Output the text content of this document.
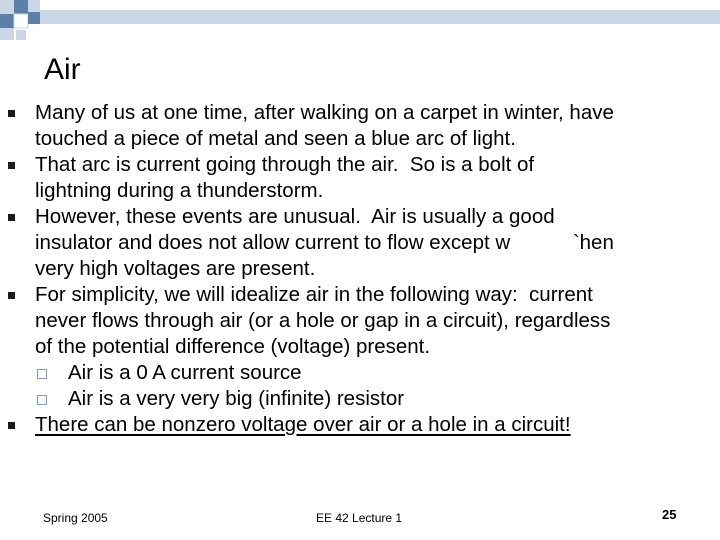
Air
Many of us at one time, after walking on a carpet in winter, have
touched a piece of metal and seen a blue arc of light.
That arc is current going through the air.  So is a bolt of
lightning during a thunderstorm.
However, these events are unusual.  Air is usually a good
insulator and does not allow current to flow except w           `hen
very high voltages are present.
For simplicity, we will idealize air in the following way:  current
never flows through air (or a hole or gap in a circuit), regardless
of the potential difference (voltage) present.
Air is a 0 A current source
Air is a very very big (infinite) resistor
There can be nonzero voltage over air or a hole in a circuit!
Spring 2005	EE 42 Lecture 1	25
